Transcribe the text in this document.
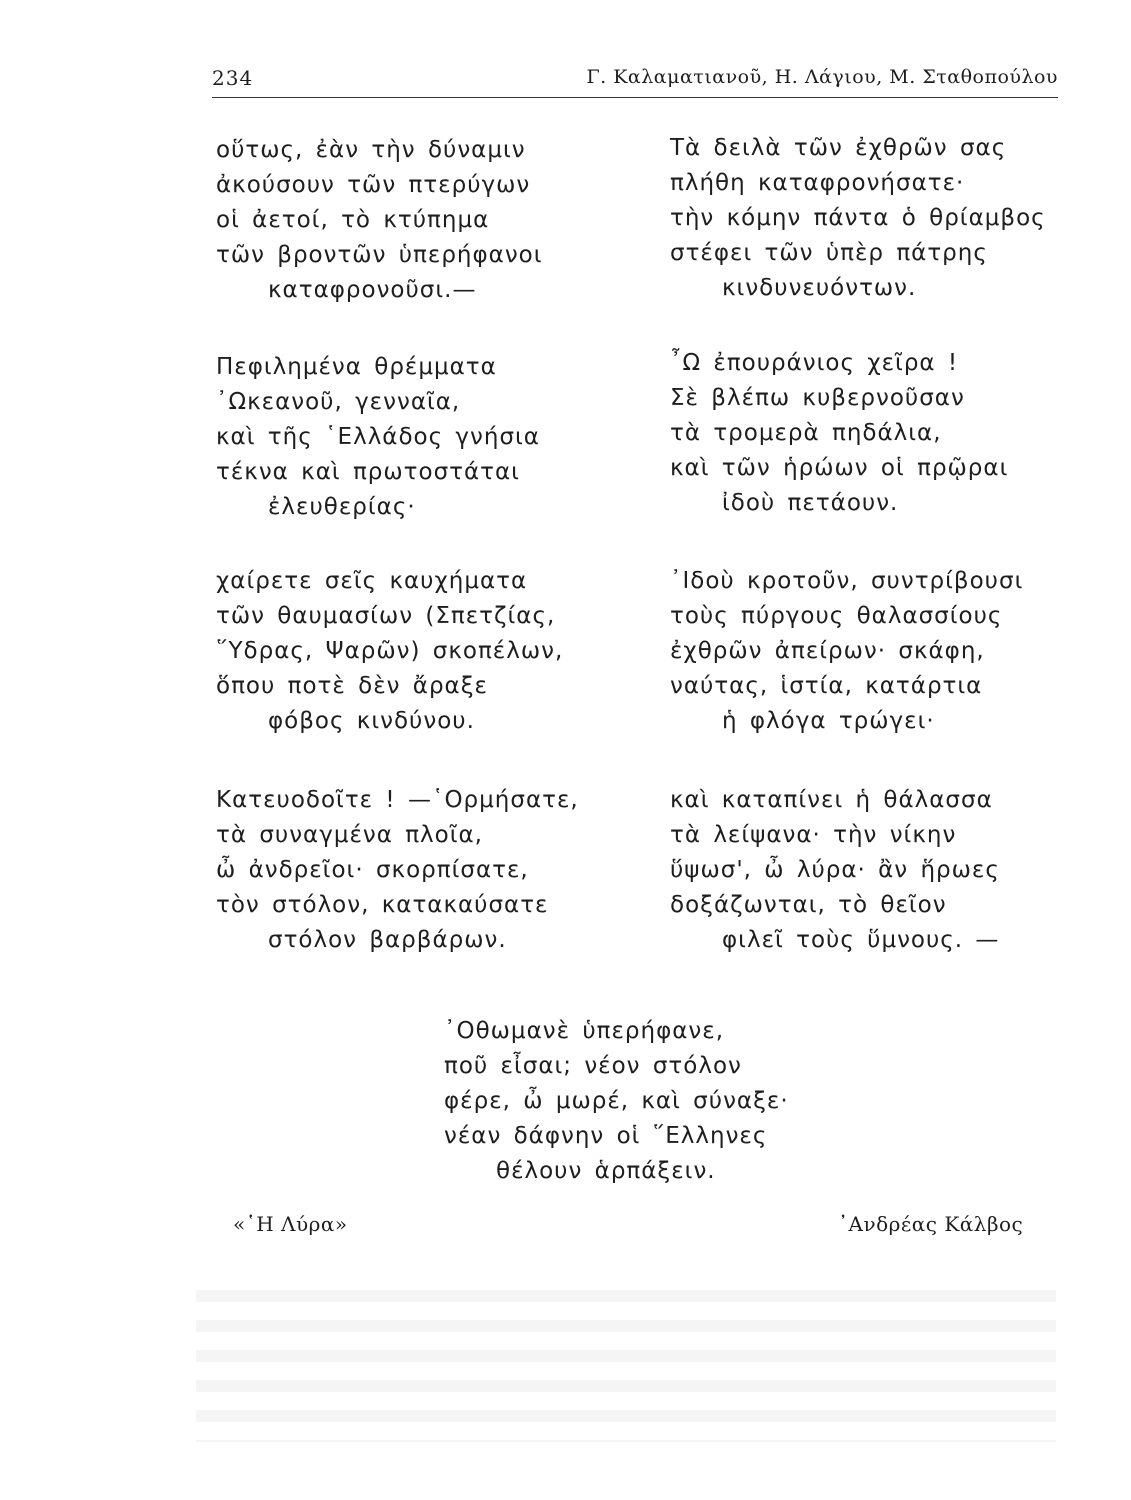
234	Γ. Καλαματιανοῦ, Η. Λάγιου, Μ. Σταθοπούλου
οὕτως, ἐὰν τὴν δύναμιν
ἀκούσουν τῶν πτερύγων
οἱ ἀετοί, τὸ κτύπημα
τῶν βροντῶν ὑπερήφανοι
καταφρονοῦσι.—
Πεφιλημένα θρέμματα
᾿Ωκεανοῦ, γενναῖα,
καὶ τῆς ῾Ελλάδος γνήσια
τέκνα καὶ πρωτοστάται
ἐλευθερίας·
χαίρετε σεῖς καυχήματα
τῶν θαυμασίων (Σπετζίας,
῞Υδρας, Ψαρῶν) σκοπέλων,
ὅπου ποτὲ δὲν ἄραξε
φόβος κινδύνου.
Κατευοδοῖτε ! —῾Ορμήσατε,
τὰ συναγμένα πλοῖα,
ὦ ἀνδρεῖοι· σκορπίσατε,
τὸν στόλον, κατακαύσατε
στόλον βαρβάρων.
Τὰ δειλὰ τῶν ἐχθρῶν σας
πλήθη καταφρονήσατε·
τὴν κόμην πάντα ὁ θρίαμβος
στέφει τῶν ὑπὲρ πάτρης
κινδυνευόντων.
῏Ω ἐπουράνιος χεῖρα !
Σὲ βλέπω κυβερνοῦσαν
τὰ τρομερὰ πηδάλια,
καὶ τῶν ἡρώων οἱ πρῷραι
ἰδοὺ πετάουν.
᾿Ιδοὺ κροτοῦν, συντρίβουσι
τοὺς πύργους θαλασσίους
ἐχθρῶν ἀπείρων· σκάφη,
ναύτας, ἱστία, κατάρτια
ἡ φλόγα τρώγει·
καὶ καταπίνει ἡ θάλασσα
τὰ λείψανα· τὴν νίκην
ὕψωσ', ὦ λύρα· ἂν ἥρωες
δοξάζωνται, τὸ θεῖον
φιλεῖ τοὺς ὕμνους. —
᾿Οθωμανὲ ὑπερήφανε,
ποῦ εἶσαι; νέον στόλον
φέρε, ὦ μωρέ, καὶ σύναξε·
νέαν δάφνην οἱ ῞Ελληνες
θέλουν ἁρπάξειν.
«῾Η Λύρα»	᾿Ανδρέας Κάλβος
